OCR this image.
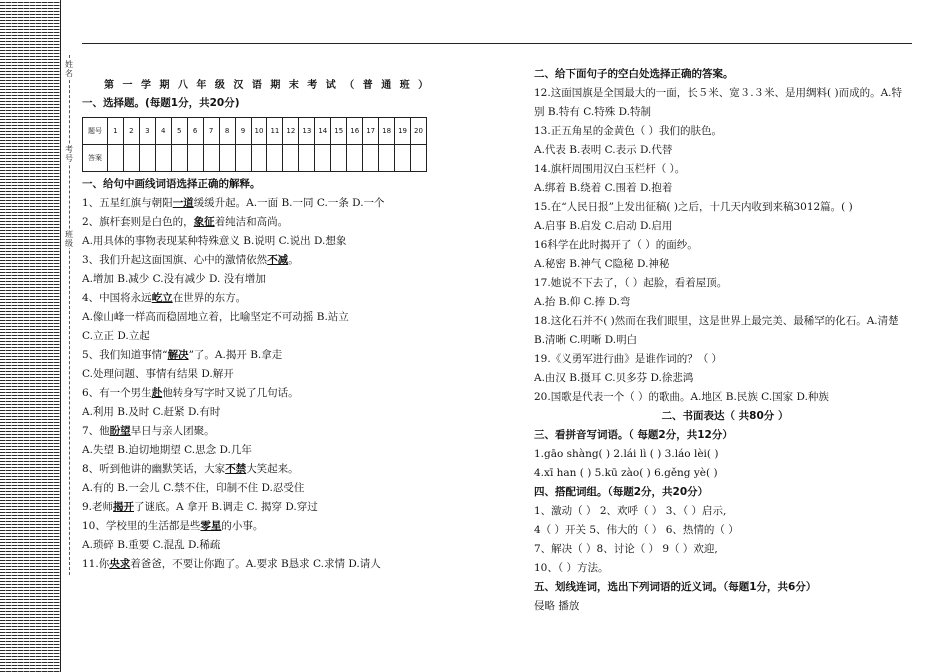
姓名
考号
班级
第 一 学 期 八 年 级 汉 语 期 末 考 试 （ 普 通 班 ）
一、选择题。(每题1分，共20分)
题号	1	2	3	4	5	6	7	8	9	10	11	12	13	14	15	16	17	18	19	20
答案																				
一、给句中画线词语选择正确的解释。
1、五星红旗与朝阳一道缓缓升起。A.一面 B.一同 C.一条 D.一个
2、旗杆套则是白色的，象征着纯洁和高尚。
A.用具体的事物表现某种特殊意义 B.说明 C.说出 D.想象
3、我们升起这面国旗、心中的激情依然不减。
A.增加 B.减少 C.没有减少 D. 没有增加
4、中国将永远屹立在世界的东方。
A.像山峰一样高而稳固地立着，比喻坚定不可动摇 B.站立
C.立正 D.立起
5、我们知道事情“解决”了。A.揭开 B.拿走
C.处理问题、事情有结果 D.解开
6、有一个男生赴他转身写字时又说了几句话。
A.利用 B.及时 C.赶紧 D.有时
7、他盼望早日与亲人团聚。
A.失望 B.迫切地期望 C.思念 D.几年
8、听到他讲的幽默笑话，大家不禁大笑起来。
A.有的 B.一会儿 C.禁不住，印制不住 D.忍受住
9.老师揭开了谜底。A 拿开 B.调走 C. 揭穿 D.穿过
10、学校里的生活都是些零星的小事。
A.琐碎 B.重要 C.混乱 D.稀疏
11.你央求着爸爸，不要让你跑了。A.要求 B恳求 C.求情 D.请人
二、给下面句子的空白处选择正确的答案。
12.这面国旗是全国最大的一面，长５米、宽３.３米、是用绸料( )而成的。A.特
别 B.特有 C.特殊 D.特制
13.正五角星的金黄色（ ）我们的肤色。
A.代表 B.表明 C.表示 D.代替
14.旗杆周围用汉白玉栏杆（ ）。
A.绑着 B.绕着 C.围着 D.抱着
15.在“人民日报”上发出征稿( )之后，十几天内收到来稿3012篇。( )
A.启事 B.启发 C.启动 D.启用
16科学在此时揭开了（ ）的面纱。
A.秘密 B.神气 C隐秘 D.神秘
17.她说不下去了，（ ）起脸，看着屋顶。
A.抬 B.仰 C.捧 D.弯
18.这化石并不( )然而在我们眼里，这是世界上最完美、最稀罕的化石。A.清楚
B.清晰 C.明晰 D.明白
19.《义勇军进行曲》是谁作词的？（ ）
A.由汉 B.摄耳 C.贝多芬 D.徐悲鸿
20.国歌是代表一个（ ）的歌曲。A.地区 B.民族 C.国家 D.种族
二、书面表达（ 共80分 ）
三、看拼音写词语。（ 每题2分，共12分）
1.gāo shàng( ) 2.lái lì ( ) 3.láo lèi( )
4.xī han ( ) 5.kū zào( ) 6.gěng yè( )
四、搭配词组。（每题2分，共20分）
1、激动（ ） 2、欢呼（ ） 3、（ ）启示,
4（ ）开关 5、伟大的（ ） 6、热情的（ ）
7、解决（ ）8、讨论（ ） 9（ ）欢迎,
10、（ ）方法。
五、划线连词，选出下列词语的近义词。（每题1分，共6分）
侵略 播放
